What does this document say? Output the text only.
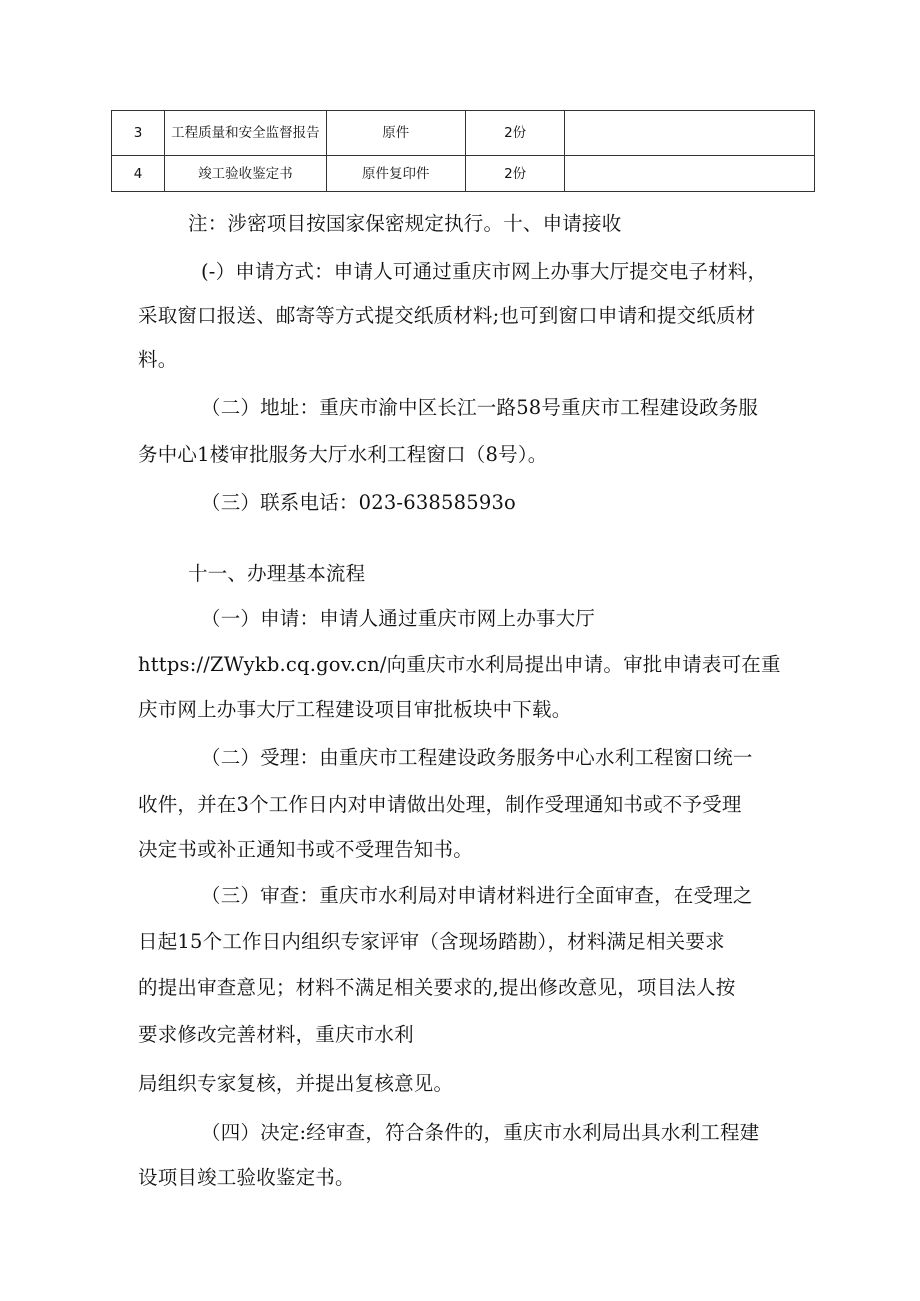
3	工程质量和安全监督报告	原件	2份	
4	竣工验收鉴定书	原件复印件	2份	
注：涉密项目按国家保密规定执行。十、申请接收
(-）申请方式：申请人可通过重庆市网上办事大厅提交电子材料，
采取窗口报送、邮寄等方式提交纸质材料;也可到窗口申请和提交纸质材
料。
（二）地址：重庆市渝中区长江一路58号重庆市工程建设政务服
务中心1楼审批服务大厅水利工程窗口（8号）。
（三）联系电话：023-63858593o
十一、办理基本流程
（一）申请：申请人通过重庆市网上办事大厅
https://ZWykb.cq.gov.cn/向重庆市水利局提出申请。审批申请表可在重
庆市网上办事大厅工程建设项目审批板块中下载。
（二）受理：由重庆市工程建设政务服务中心水利工程窗口统一
收件，并在3个工作日内对申请做出处理，制作受理通知书或不予受理
决定书或补正通知书或不受理告知书。
（三）审查：重庆市水利局对申请材料进行全面审查，在受理之
日起15个工作日内组织专家评审（含现场踏勘），材料满足相关要求
的提出审查意见；材料不满足相关要求的,提出修改意见，项目法人按
要求修改完善材料，重庆市水利
局组织专家复核，并提出复核意见。
（四）决定:经审查，符合条件的，重庆市水利局出具水利工程建
设项目竣工验收鉴定书。
